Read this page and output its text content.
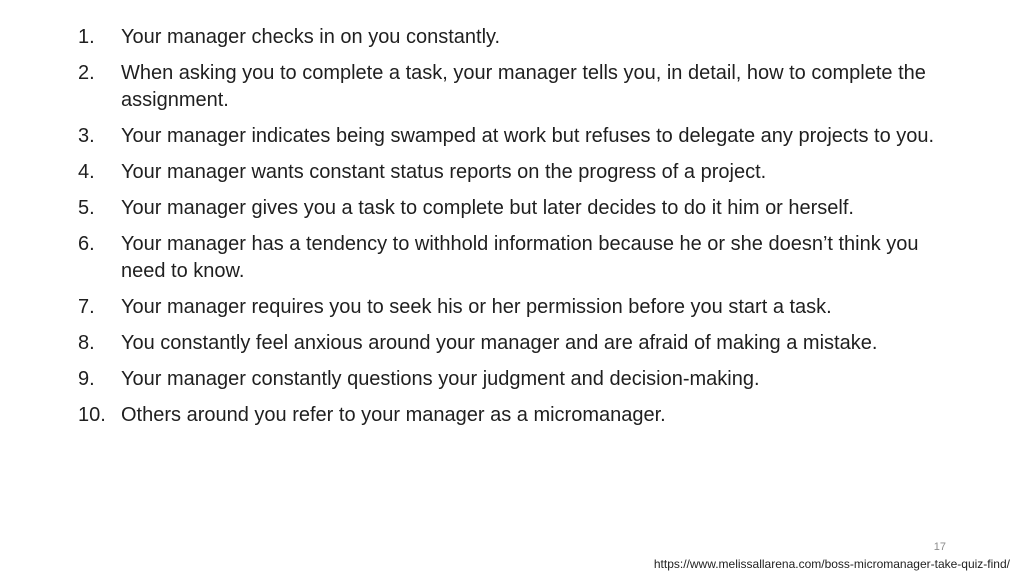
1.	Your manager checks in on you constantly.
2.	When asking you to complete a task, your manager tells you, in detail, how to complete the assignment.
3.	Your manager indicates being swamped at work but refuses to delegate any projects to you.
4.	Your manager wants constant status reports on the progress of a project.
5.	Your manager gives you a task to complete but later decides to do it him or herself.
6.	Your manager has a tendency to withhold information because he or she doesn’t think you need to know.
7.	Your manager requires you to seek his or her permission before you start a task.
8.	You constantly feel anxious around your manager and are afraid of making a mistake.
9.	Your manager constantly questions your judgment and decision-making.
10. Others around you refer to your manager as a micromanager.
17
https://www.melissallarena.com/boss-micromanager-take-quiz-find/
